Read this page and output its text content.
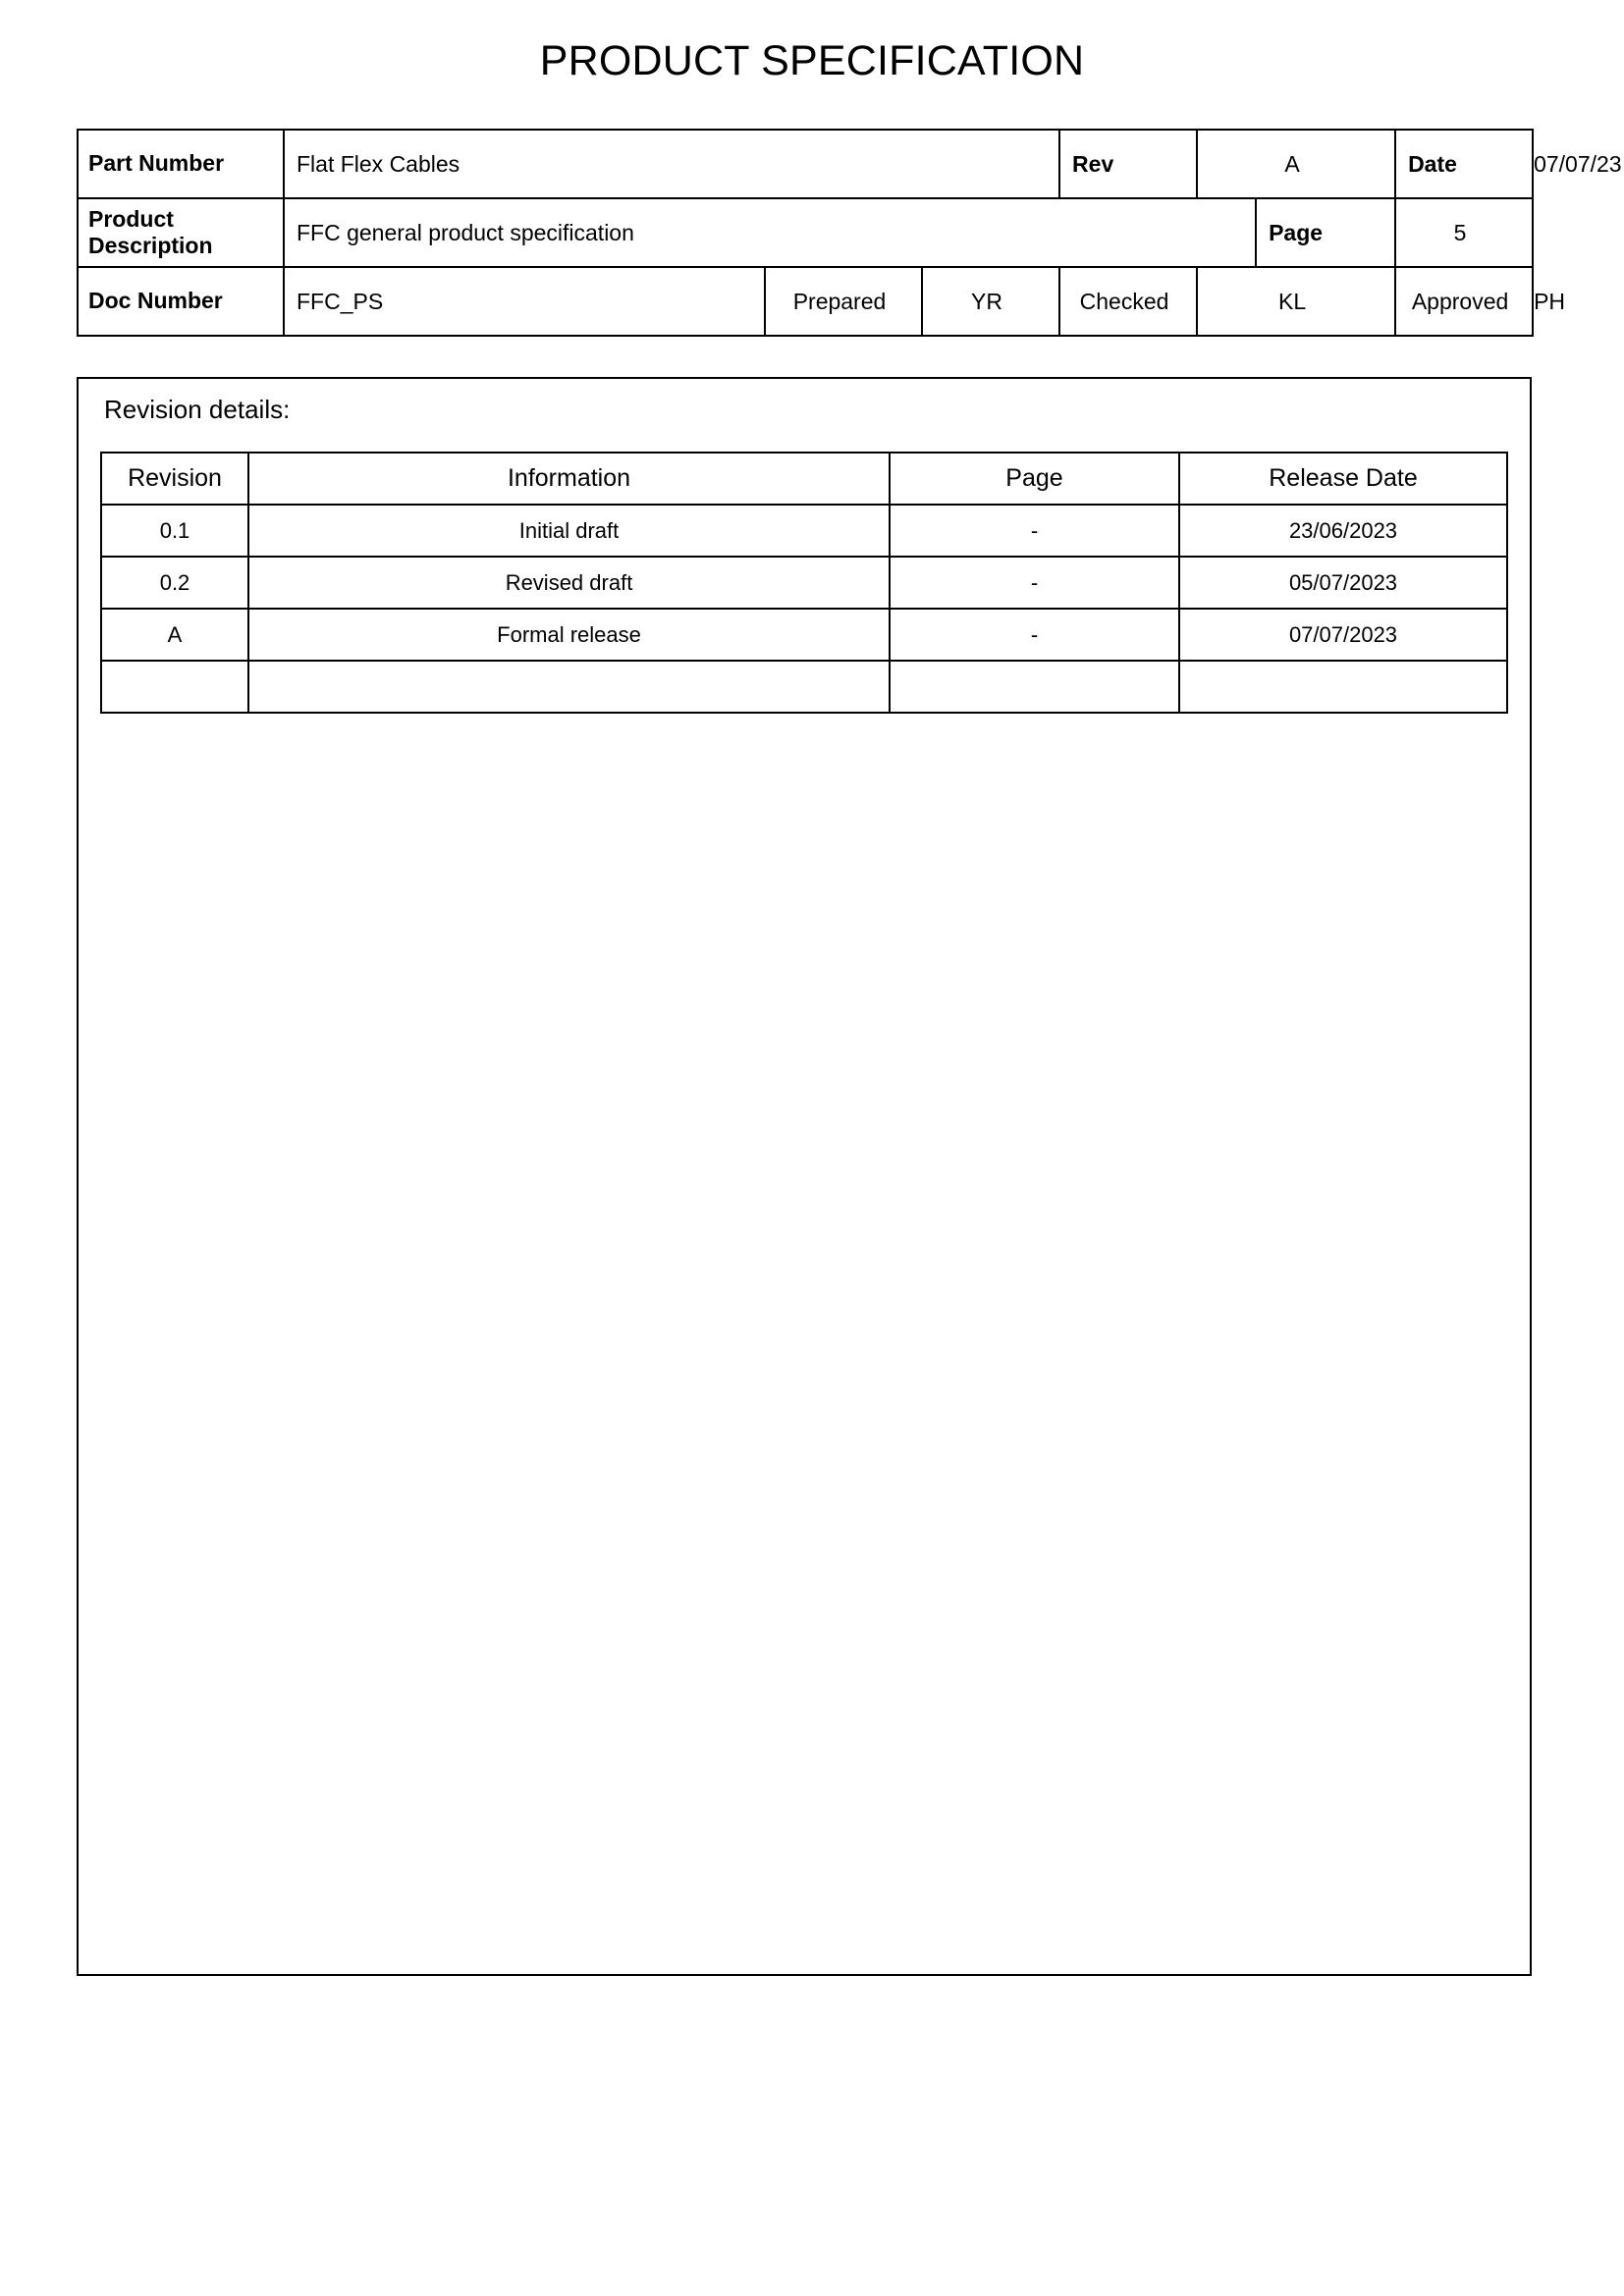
PRODUCT SPECIFICATION
Part Number	Flat Flex Cables			Rev	A		Date	07/07/23
Product Description	FFC general product specification					Page	5	
Doc Number	FFC_PS	Prepared	YR	Checked	KL		Approved	PH
Revision details:
Revision	Information	Page	Release Date
0.1	Initial draft	-	23/06/2023
0.2	Revised draft	-	05/07/2023
A	Formal release	-	07/07/2023
